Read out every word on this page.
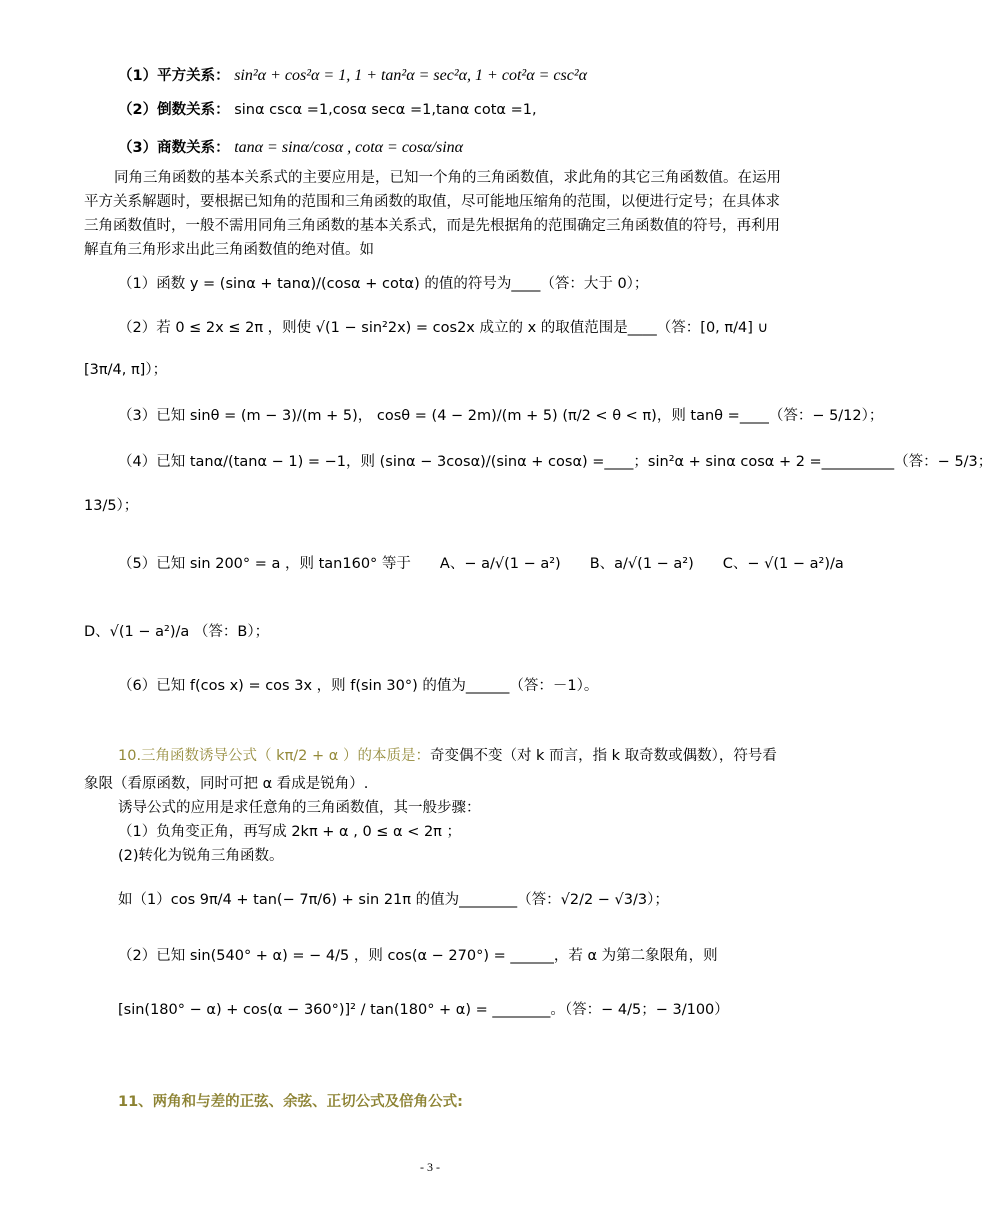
（1）平方关系： sin²α + cos²α = 1, 1 + tan²α = sec²α, 1 + cot²α = csc²α
（2）倒数关系： sinα cscα =1,cosα secα =1,tanα cotα =1,
（3）商数关系： tanα = sinα/cosα , cotα = cosα/sinα
同角三角函数的基本关系式的主要应用是，已知一个角的三角函数值，求此角的其它三角函数值。在运用平方关系解题时，要根据已知角的范围和三角函数的取值，尽可能地压缩角的范围，以便进行定号；在具体求三角函数值时，一般不需用同角三角函数的基本关系式，而是先根据角的范围确定三角函数值的符号，再利用解直角三角形求出此三角函数值的绝对值。如
（1）函数 y = (sinα + tanα)/(cosα + cotα) 的值的符号为____（答：大于 0）；
（2）若 0 ≤ 2x ≤ 2π ，则使 √(1 − sin²2x) = cos2x 成立的 x 的取值范围是____（答：[0, π/4] ∪
[3π/4, π]）；
（3）已知 sinθ = (m − 3)/(m + 5)， cosθ = (4 − 2m)/(m + 5) (π/2 < θ < π)，则 tanθ =____（答：− 5/12）；
（4）已知 tanα/(tanα − 1) = −1，则 (sinα − 3cosα)/(sinα + cosα) =____；sin²α + sinα cosα + 2 =__________（答：− 5/3；
13/5）；
（5）已知 sin 200° = a ，则 tan160° 等于　　A、− a/√(1 − a²)　　B、a/√(1 − a²)　　C、− √(1 − a²)/a
D、√(1 − a²)/a （答：B）；
（6）已知 f(cos x) = cos 3x ，则 f(sin 30°) 的值为______（答：－1）。
10.三角函数诱导公式（ kπ/2 + α ）的本质是：奇变偶不变（对 k 而言，指 k 取奇数或偶数），符号看
象限（看原函数，同时可把 α 看成是锐角）.
诱导公式的应用是求任意角的三角函数值，其一般步骤：
（1）负角变正角，再写成 2kπ + α , 0 ≤ α < 2π ；
(2)转化为锐角三角函数。
如（1）cos 9π/4 + tan(− 7π/6) + sin 21π 的值为________（答：√2/2 − √3/3）；
（2）已知 sin(540° + α) = − 4/5 ，则 cos(α − 270°) = ______，若 α 为第二象限角，则
[sin(180° − α) + cos(α − 360°)]² / tan(180° + α) = ________。（答：− 4/5；− 3/100）
11、两角和与差的正弦、余弦、正切公式及倍角公式:
- 3 -
